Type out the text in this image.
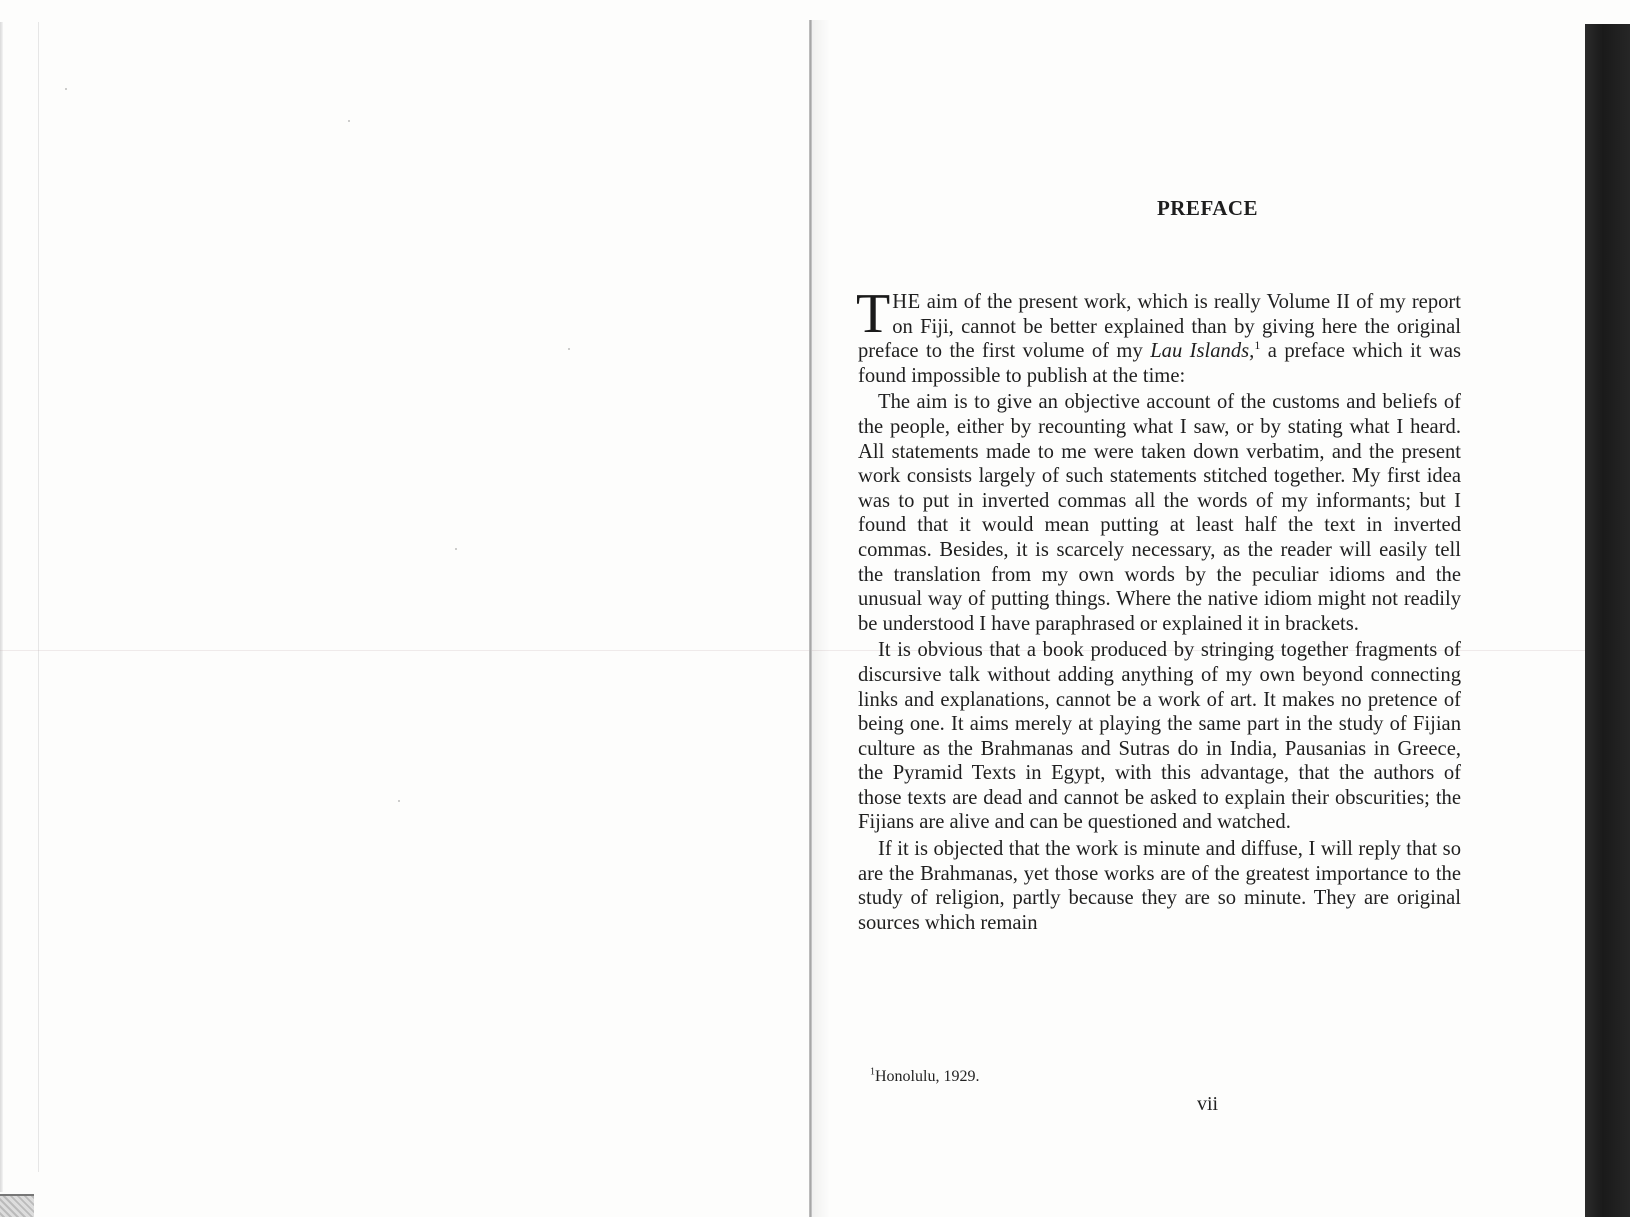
PREFACE

THE aim of the present work, which is really Volume II of my report on Fiji, cannot be better explained than by giving here the original preface to the first volume of my Lau Islands,$^1$ a preface which it was found impossible to publish at the time:

The aim is to give an objective account of the customs and beliefs of the people, either by recounting what I saw, or by stating what I heard. All statements made to me were taken down verbatim, and the present work consists largely of such statements stitched together. My first idea was to put in inverted commas all the words of my informants; but I found that it would mean putting at least half the text in inverted commas. Besides, it is scarcely necessary, as the reader will easily tell the translation from my own words by the peculiar idioms and the unusual way of putting things. Where the native idiom might not readily be understood I have paraphrased or explained it in brackets.

It is obvious that a book produced by stringing together fragments of discursive talk without adding anything of my own beyond connecting links and explanations, cannot be a work of art. It makes no pretence of being one. It aims merely at playing the same part in the study of Fijian culture as the Brahmanas and Sutras do in India, Pausanias in Greece, the Pyramid Texts in Egypt, with this advantage, that the authors of those texts are dead and cannot be asked to explain their obscurities; the Fijians are alive and can be questioned and watched.

If it is objected that the work is minute and diffuse, I will reply that so are the Brahmanas, yet those works are of the greatest importance to the study of religion, partly because they are so minute. They are original sources which remain

$^1$Honolulu, 1929.
vii
